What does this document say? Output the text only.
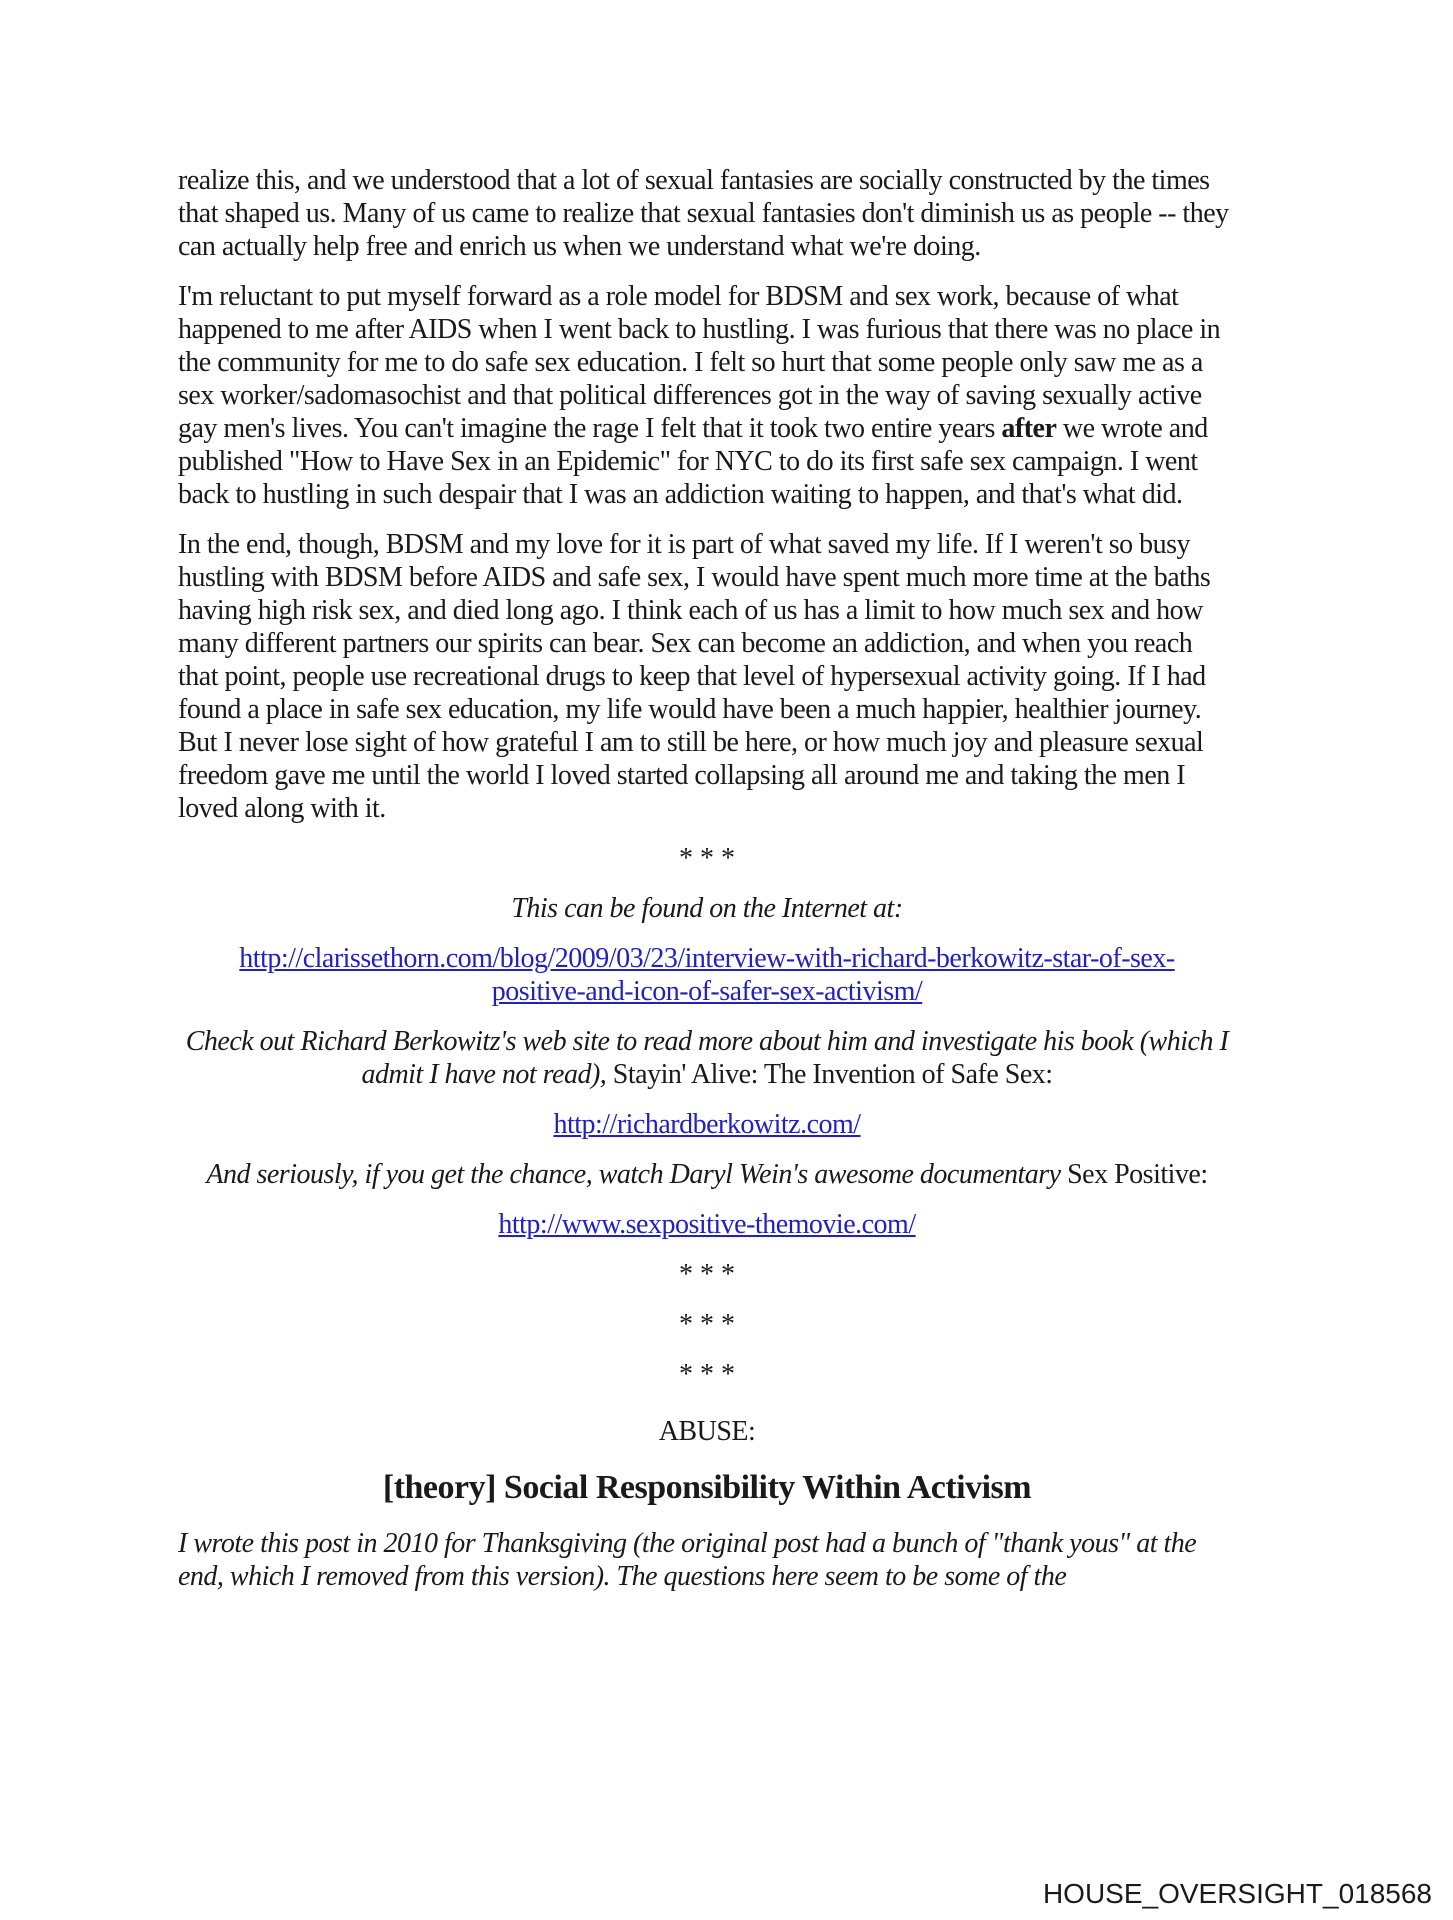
realize this, and we understood that a lot of sexual fantasies are socially constructed by the times that shaped us. Many of us came to realize that sexual fantasies don't diminish us as people -- they can actually help free and enrich us when we understand what we're doing.

I'm reluctant to put myself forward as a role model for BDSM and sex work, because of what happened to me after AIDS when I went back to hustling. I was furious that there was no place in the community for me to do safe sex education. I felt so hurt that some people only saw me as a sex worker/sadomasochist and that political differences got in the way of saving sexually active gay men's lives. You can't imagine the rage I felt that it took two entire years after we wrote and published "How to Have Sex in an Epidemic" for NYC to do its first safe sex campaign. I went back to hustling in such despair that I was an addiction waiting to happen, and that's what did.

In the end, though, BDSM and my love for it is part of what saved my life. If I weren't so busy hustling with BDSM before AIDS and safe sex, I would have spent much more time at the baths having high risk sex, and died long ago. I think each of us has a limit to how much sex and how many different partners our spirits can bear. Sex can become an addiction, and when you reach that point, people use recreational drugs to keep that level of hypersexual activity going. If I had found a place in safe sex education, my life would have been a much happier, healthier journey. But I never lose sight of how grateful I am to still be here, or how much joy and pleasure sexual freedom gave me until the world I loved started collapsing all around me and taking the men I loved along with it.

* * *

This can be found on the Internet at:

http://clarissethorn.com/blog/2009/03/23/interview-with-richard-berkowitz-star-of-sex-
positive-and-icon-of-safer-sex-activism/

Check out Richard Berkowitz's web site to read more about him and investigate his book (which I admit I have not read), Stayin' Alive: The Invention of Safe Sex:

http://richardberkowitz.com/

And seriously, if you get the chance, watch Daryl Wein's awesome documentary Sex Positive:

http://www.sexpositive-themovie.com/

* * *

* * *

* * *

ABUSE:

[theory] Social Responsibility Within Activism

I wrote this post in 2010 for Thanksgiving (the original post had a bunch of "thank yous" at the end, which I removed from this version). The questions here seem to be some of the

HOUSE_OVERSIGHT_018568
